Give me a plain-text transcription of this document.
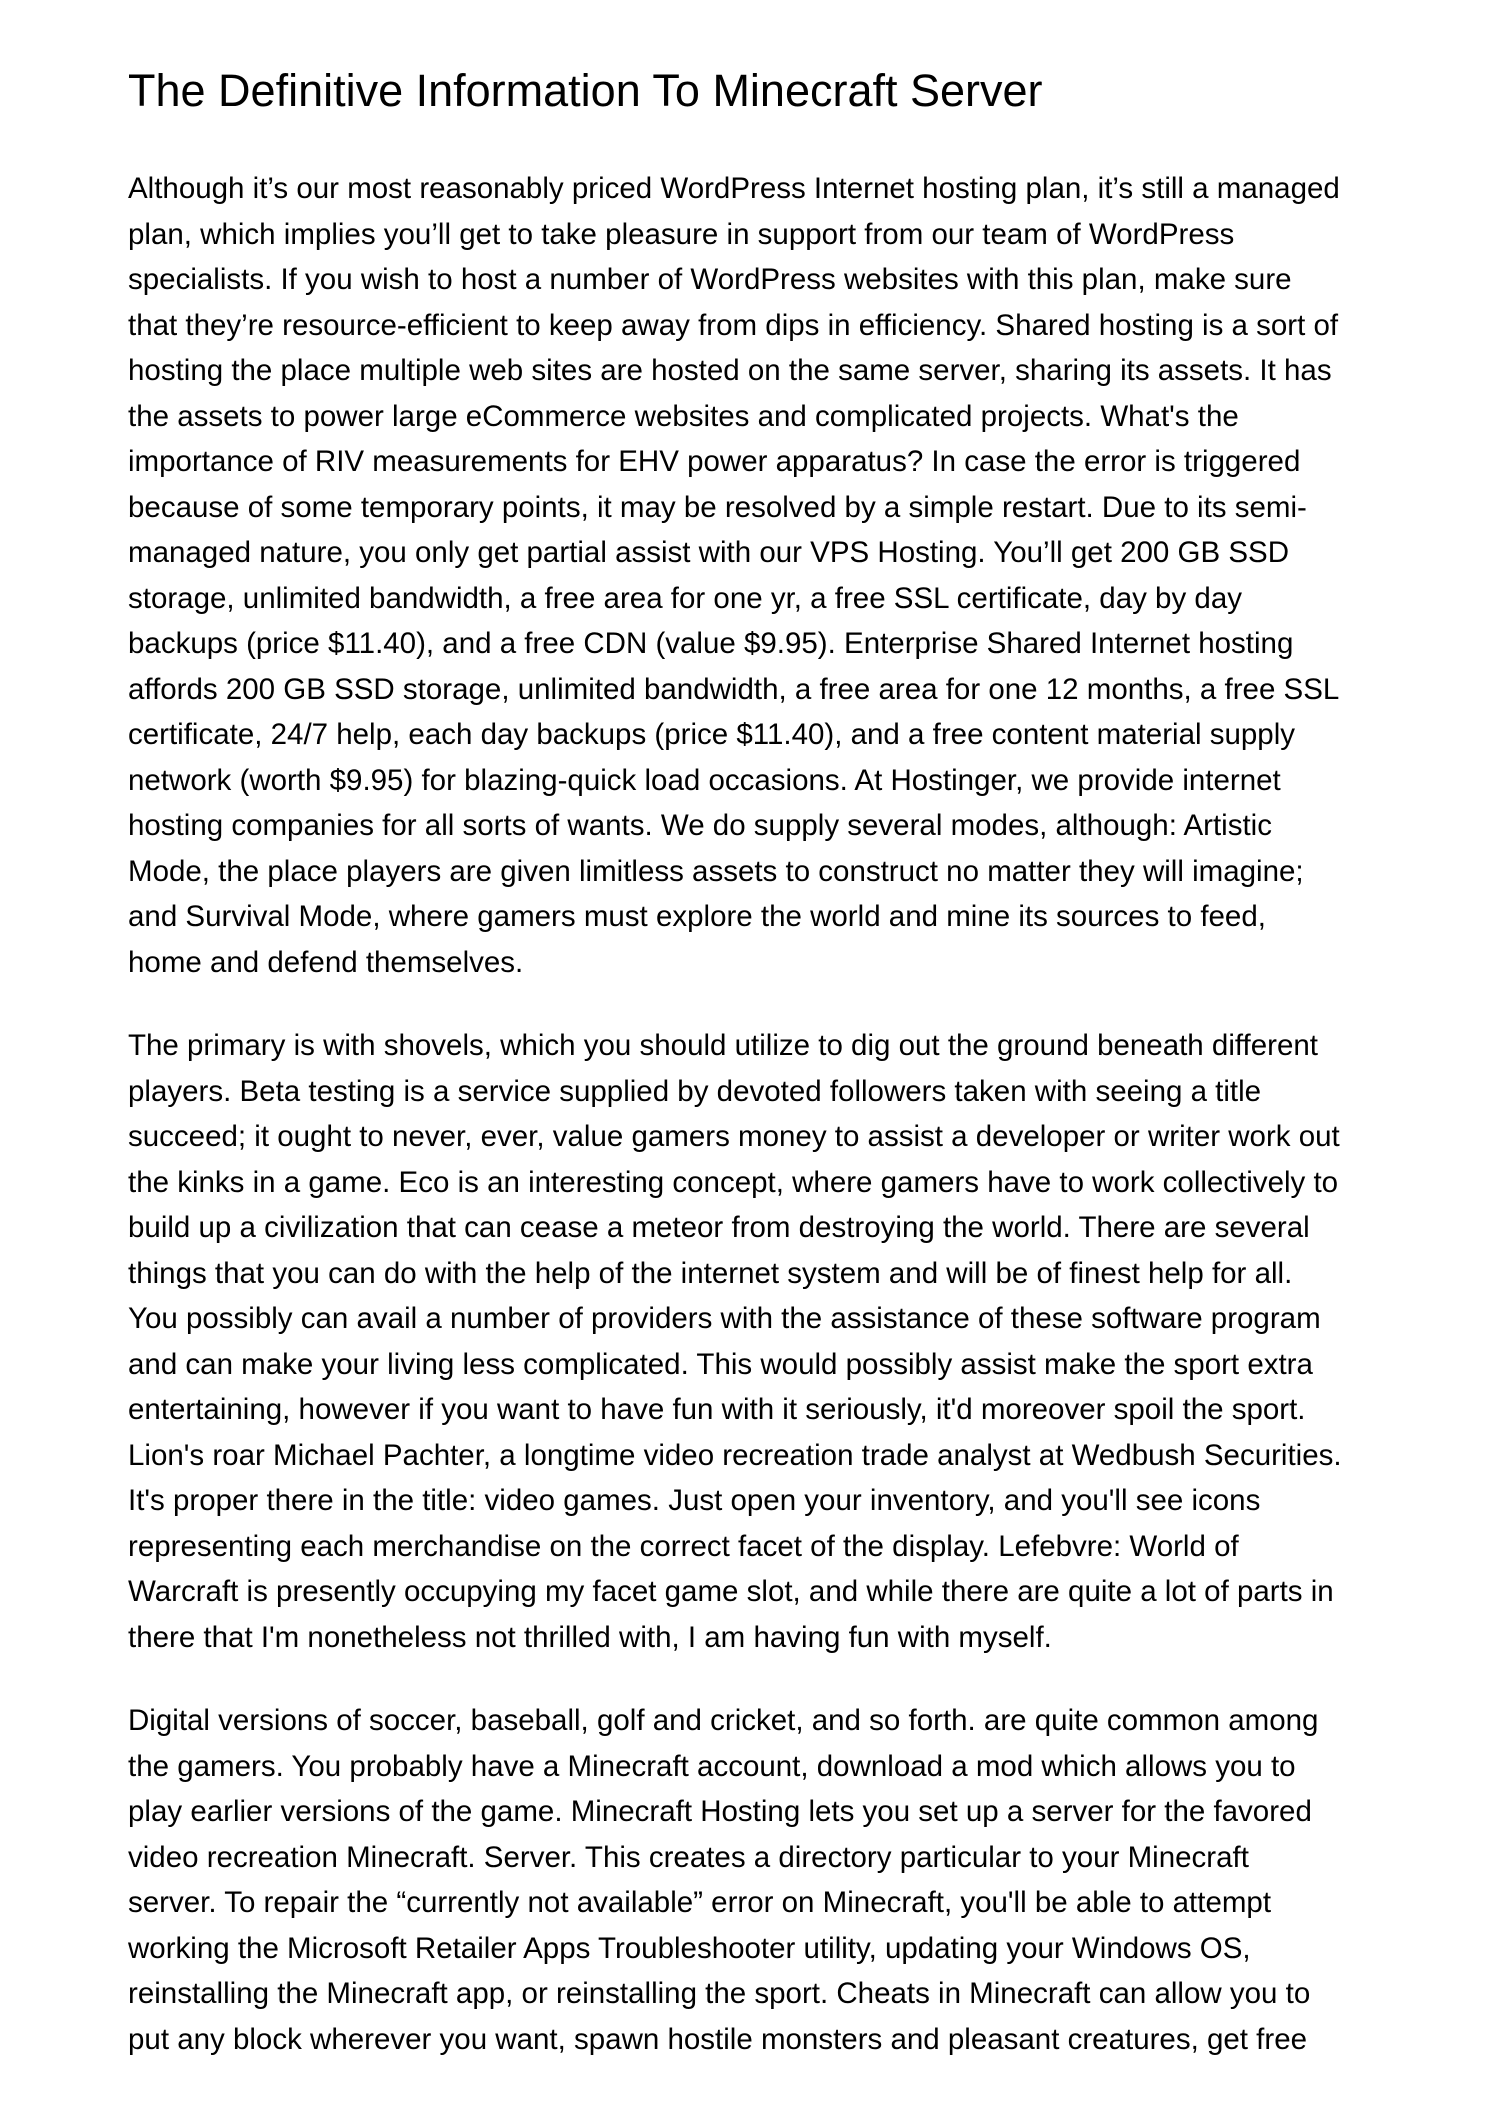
The Definitive Information To Minecraft Server

Although it’s our most reasonably priced WordPress Internet hosting plan, it’s still a managed
plan, which implies you’ll get to take pleasure in support from our team of WordPress
specialists. If you wish to host a number of WordPress websites with this plan, make sure
that they’re resource-efficient to keep away from dips in efficiency. Shared hosting is a sort of
hosting the place multiple web sites are hosted on the same server, sharing its assets. It has
the assets to power large eCommerce websites and complicated projects. What's the
importance of RIV measurements for EHV power apparatus? In case the error is triggered
because of some temporary points, it may be resolved by a simple restart. Due to its semi-
managed nature, you only get partial assist with our VPS Hosting. You’ll get 200 GB SSD
storage, unlimited bandwidth, a free area for one yr, a free SSL certificate, day by day
backups (price $11.40), and a free CDN (value $9.95). Enterprise Shared Internet hosting
affords 200 GB SSD storage, unlimited bandwidth, a free area for one 12 months, a free SSL
certificate, 24/7 help, each day backups (price $11.40), and a free content material supply
network (worth $9.95) for blazing-quick load occasions. At Hostinger, we provide internet
hosting companies for all sorts of wants. We do supply several modes, although: Artistic
Mode, the place players are given limitless assets to construct no matter they will imagine;
and Survival Mode, where gamers must explore the world and mine its sources to feed,
home and defend themselves.

The primary is with shovels, which you should utilize to dig out the ground beneath different
players. Beta testing is a service supplied by devoted followers taken with seeing a title
succeed; it ought to never, ever, value gamers money to assist a developer or writer work out
the kinks in a game. Eco is an interesting concept, where gamers have to work collectively to
build up a civilization that can cease a meteor from destroying the world. There are several
things that you can do with the help of the internet system and will be of finest help for all.
You possibly can avail a number of providers with the assistance of these software program
and can make your living less complicated. This would possibly assist make the sport extra
entertaining, however if you want to have fun with it seriously, it'd moreover spoil the sport.
Lion's roar Michael Pachter, a longtime video recreation trade analyst at Wedbush Securities.
It's proper there in the title: video games. Just open your inventory, and you'll see icons
representing each merchandise on the correct facet of the display. Lefebvre: World of
Warcraft is presently occupying my facet game slot, and while there are quite a lot of parts in
there that I'm nonetheless not thrilled with, I am having fun with myself.

Digital versions of soccer, baseball, golf and cricket, and so forth. are quite common among
the gamers. You probably have a Minecraft account, download a mod which allows you to
play earlier versions of the game. Minecraft Hosting lets you set up a server for the favored
video recreation Minecraft. Server. This creates a directory particular to your Minecraft
server. To repair the “currently not available” error on Minecraft, you'll be able to attempt
working the Microsoft Retailer Apps Troubleshooter utility, updating your Windows OS,
reinstalling the Minecraft app, or reinstalling the sport. Cheats in Minecraft can allow you to
put any block wherever you want, spawn hostile monsters and pleasant creatures, get free
